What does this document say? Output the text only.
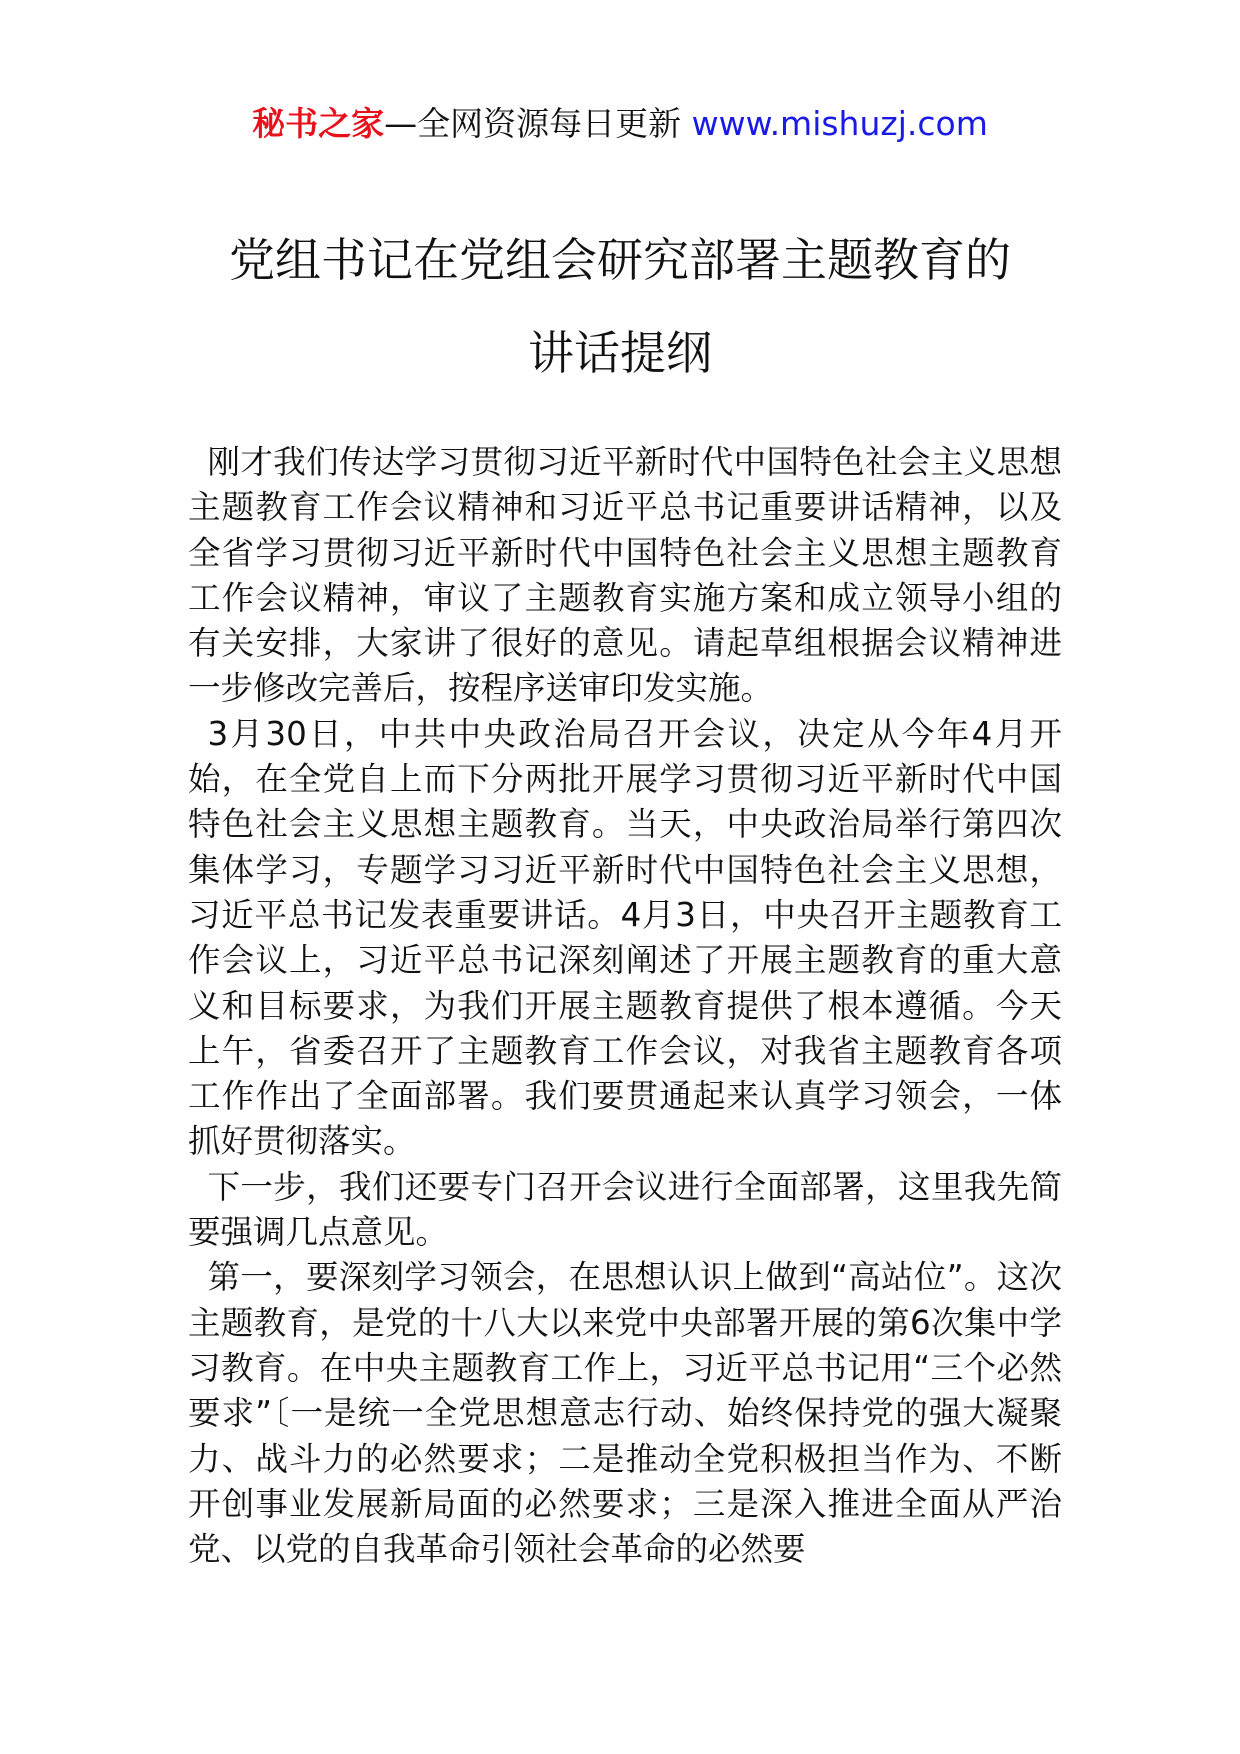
秘书之家—全网资源每日更新 www.mishuzj.com
党组书记在党组会研究部署主题教育的
讲话提纲

刚才我们传达学习贯彻习近平新时代中国特色社会主义思想主题教育工作会议精神和习近平总书记重要讲话精神，以及全省学习贯彻习近平新时代中国特色社会主义思想主题教育工作会议精神，审议了主题教育实施方案和成立领导小组的有关安排，大家讲了很好的意见。请起草组根据会议精神进一步修改完善后，按程序送审印发实施。

3月30日，中共中央政治局召开会议，决定从今年4月开始，在全党自上而下分两批开展学习贯彻习近平新时代中国特色社会主义思想主题教育。当天，中央政治局举行第四次集体学习，专题学习习近平新时代中国特色社会主义思想，习近平总书记发表重要讲话。4月3日，中央召开主题教育工作会议上，习近平总书记深刻阐述了开展主题教育的重大意义和目标要求，为我们开展主题教育提供了根本遵循。今天上午，省委召开了主题教育工作会议，对我省主题教育各项工作作出了全面部署。我们要贯通起来认真学习领会，一体抓好贯彻落实。

下一步，我们还要专门召开会议进行全面部署，这里我先简要强调几点意见。

第一，要深刻学习领会，在思想认识上做到“高站位”。这次主题教育，是党的十八大以来党中央部署开展的第6次集中学习教育。在中央主题教育工作上，习近平总书记用“三个必然要求”〔一是统一全党思想意志行动、始终保持党的强大凝聚力、战斗力的必然要求；二是推动全党积极担当作为、不断开创事业发展新局面的必然要求；三是深入推进全面从严治党、以党的自我革命引领社会革命的必然要
